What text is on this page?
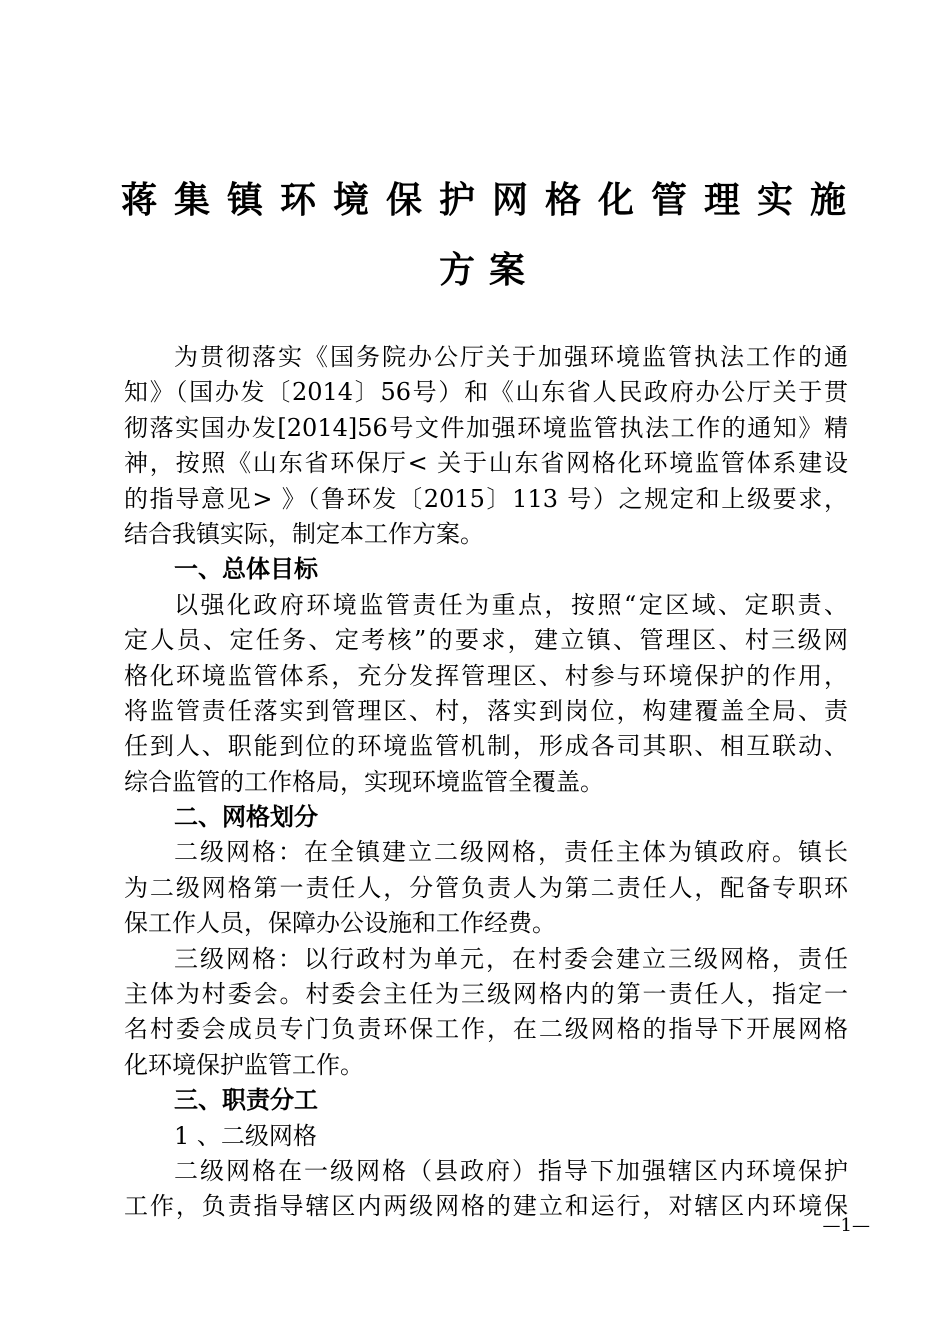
蒋集镇环境保护网格化管理实施
方案
为贯彻落实《国务院办公厅关于加强环境监管执法工作的通
知》（国办发〔2014〕56号）和《山东省人民政府办公厅关于贯
彻落实国办发[2014]56号文件加强环境监管执法工作的通知》精
神，按照《山东省环保厅< 关于山东省网格化环境监管体系建设
的指导意见> 》（鲁环发〔2015〕113 号）之规定和上级要求，
结合我镇实际，制定本工作方案。
一、总体目标
以强化政府环境监管责任为重点，按照“定区域、定职责、
定人员、定任务、定考核”的要求，建立镇、管理区、村三级网
格化环境监管体系，充分发挥管理区、村参与环境保护的作用，
将监管责任落实到管理区、村，落实到岗位，构建覆盖全局、责
任到人、职能到位的环境监管机制，形成各司其职、相互联动、
综合监管的工作格局，实现环境监管全覆盖。
二、网格划分
二级网格：在全镇建立二级网格，责任主体为镇政府。镇长
为二级网格第一责任人，分管负责人为第二责任人，配备专职环
保工作人员，保障办公设施和工作经费。
三级网格：以行政村为单元，在村委会建立三级网格，责任
主体为村委会。村委会主任为三级网格内的第一责任人，指定一
名村委会成员专门负责环保工作，在二级网格的指导下开展网格
化环境保护监管工作。
三、职责分工
1 、二级网格
二级网格在一级网格（县政府）指导下加强辖区内环境保护
工作，负责指导辖区内两级网格的建立和运行，对辖区内环境保
—1—
